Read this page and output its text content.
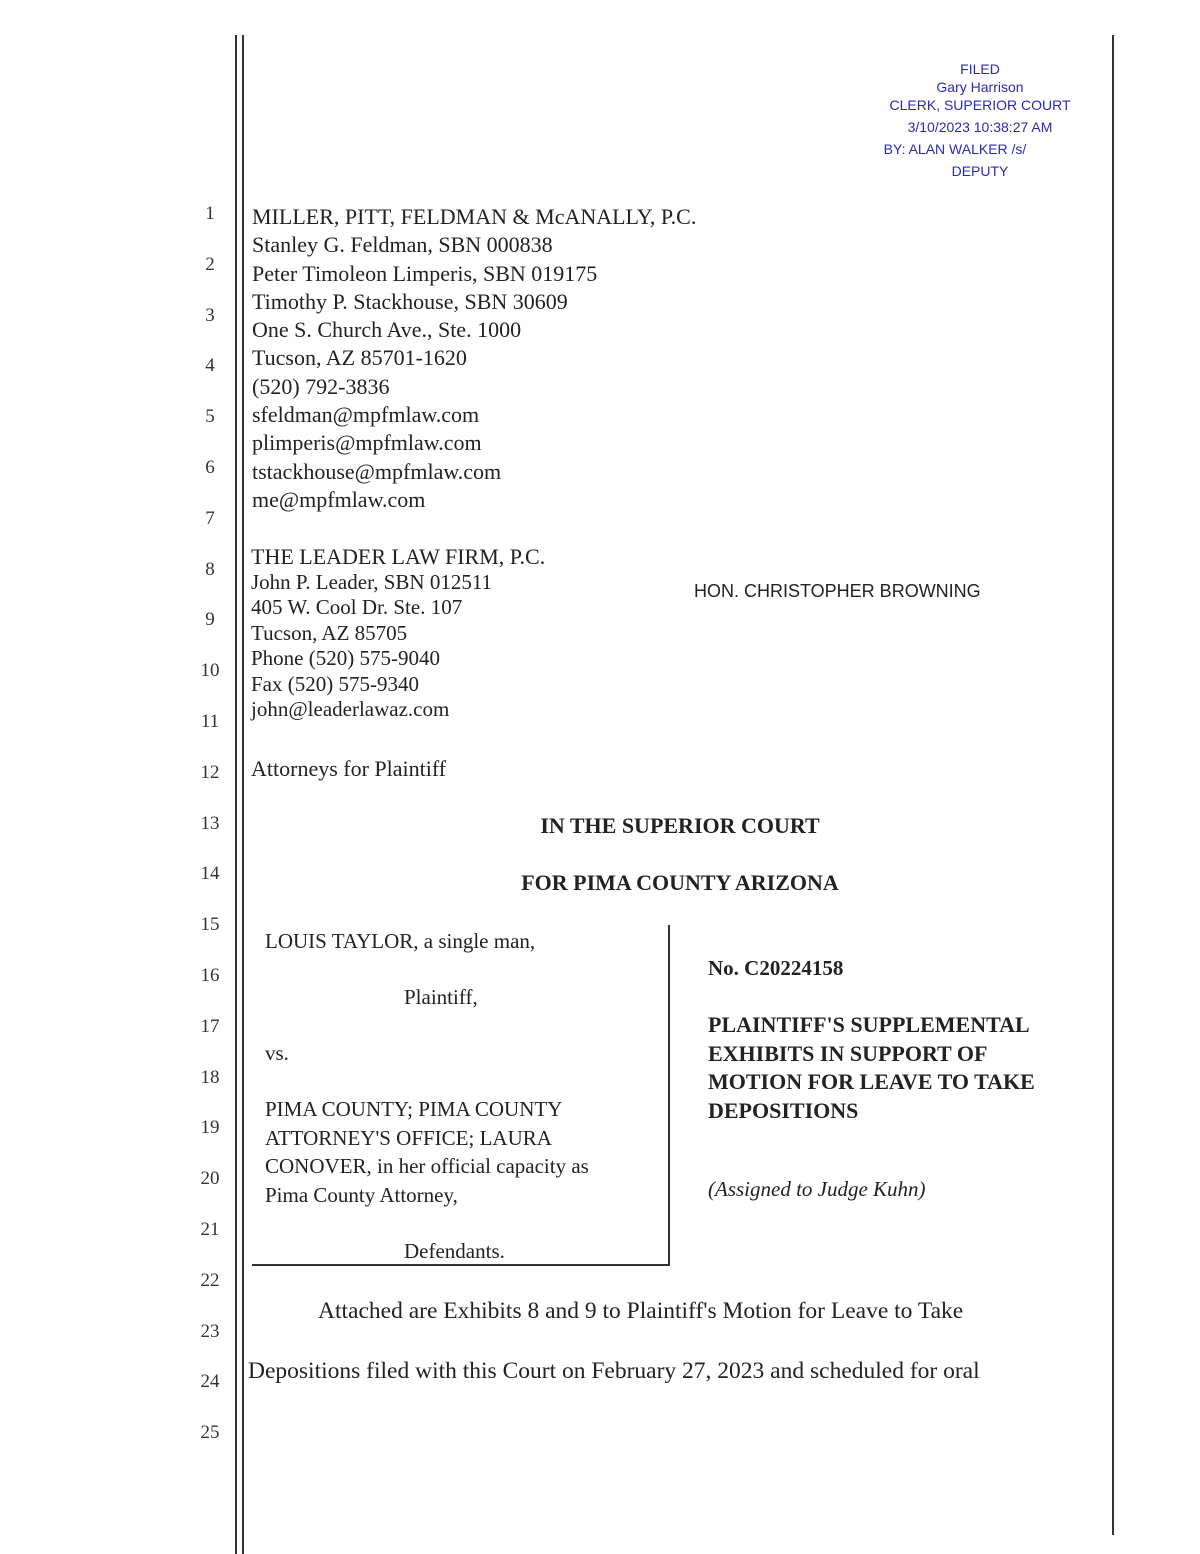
FILED
Gary Harrison
CLERK, SUPERIOR COURT
3/10/2023 10:38:27 AM
BY: ALAN WALKER /s/
DEPUTY
1
2
3
4
5
6
7
8
9
10
11
12
13
14
15
16
17
18
19
20
21
22
23
24
25
MILLER, PITT, FELDMAN & McANALLY, P.C.
Stanley G. Feldman, SBN 000838
Peter Timoleon Limperis, SBN 019175
Timothy P. Stackhouse, SBN 30609
One S. Church Ave., Ste. 1000
Tucson, AZ 85701-1620
(520) 792-3836
sfeldman@mpfmlaw.com
plimperis@mpfmlaw.com
tstackhouse@mpfmlaw.com
me@mpfmlaw.com
THE LEADER LAW FIRM, P.C.
John P. Leader, SBN 012511
405 W. Cool Dr. Ste. 107
Tucson, AZ 85705
Phone (520) 575-9040
Fax (520) 575-9340
john@leaderlawaz.com
HON. CHRISTOPHER BROWNING
Attorneys for Plaintiff
IN THE SUPERIOR COURT
FOR PIMA COUNTY ARIZONA
LOUIS TAYLOR, a single man,
Plaintiff,
vs.
PIMA COUNTY; PIMA COUNTY
ATTORNEY'S OFFICE; LAURA
CONOVER, in her official capacity as
Pima County Attorney,
Defendants.
No. C20224158
PLAINTIFF'S SUPPLEMENTAL
EXHIBITS IN SUPPORT OF
MOTION FOR LEAVE TO TAKE
DEPOSITIONS
(Assigned to Judge Kuhn)
Attached are Exhibits 8 and 9 to Plaintiff's Motion for Leave to Take
Depositions filed with this Court on February 27, 2023 and scheduled for oral
